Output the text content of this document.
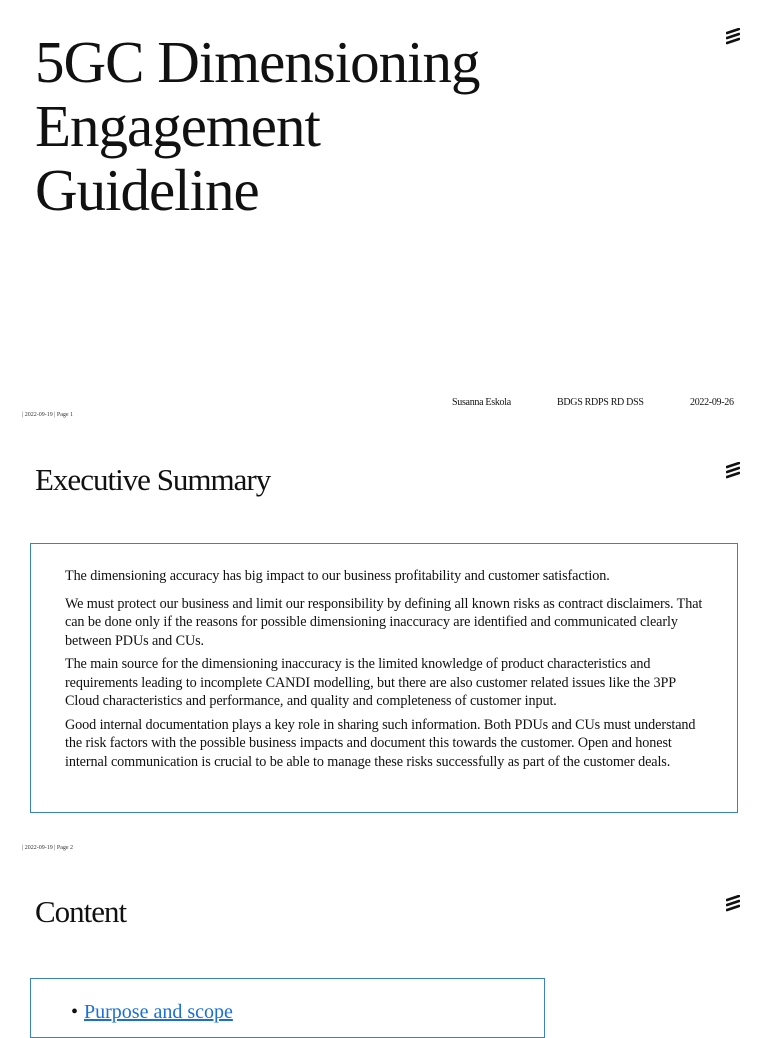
5GC Dimensioning
Engagement
Guideline
Susanna Eskola	BDGS RDPS RD DSS	2022-09-26
| 2022-09-19 | Page 1
Executive Summary

The dimensioning accuracy has big impact to our business profitability and customer satisfaction.

We must protect our business and limit our responsibility by defining all known risks as contract disclaimers. That can be done only if the reasons for possible dimensioning inaccuracy are identified and communicated clearly between PDUs and CUs.

The main source for the dimensioning inaccuracy is the limited knowledge of product characteristics and requirements leading to incomplete CANDI modelling, but there are also customer related issues like the 3PP Cloud characteristics and performance, and quality and completeness of customer input.

Good internal documentation plays a key role in sharing such information. Both PDUs and CUs must understand the risk factors with the possible business impacts and document this towards the customer. Open and honest internal communication is crucial to be able to manage these risks successfully as part of the customer deals.

| 2022-09-19 | Page 2
Content
• Purpose and scope
